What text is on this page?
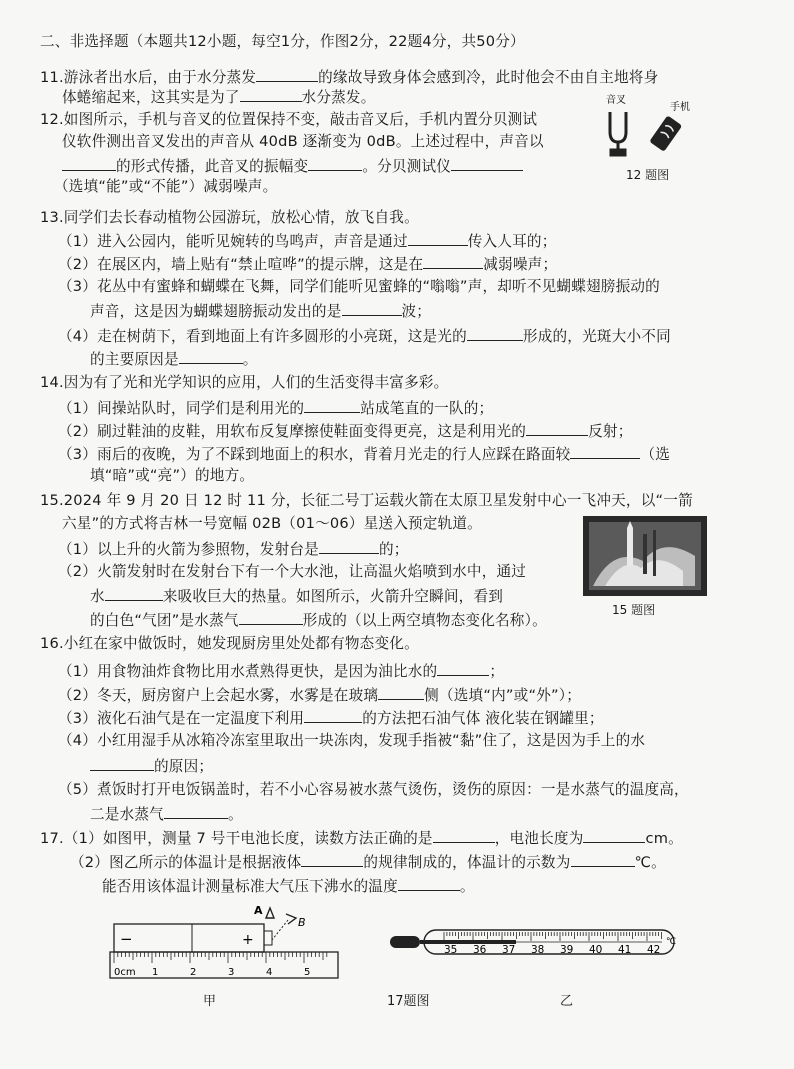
二、非选择题（本题共12小题，每空1分，作图2分，22题4分，共50分）
11.游泳者出水后，由于水分蒸发	的缘故导致身体会感到冷，此时他会不由自主地将身
体蜷缩起来，这其实是为了	水分蒸发。
12.如图所示，手机与音叉的位置保持不变，敲击音叉后，手机内置分贝测试
仪软件测出音叉发出的声音从 40dB 逐渐变为 0dB。上述过程中，声音以
的形式传播，此音叉的振幅变	。分贝测试仪
（选填“能”或“不能”）减弱噪声。
音叉
手机
12 题图
13.同学们去长春动植物公园游玩，放松心情，放飞自我。
（1）进入公园内，能听见婉转的鸟鸣声，声音是通过	传入人耳的；
（2）在展区内，墙上贴有“禁止喧哗”的提示牌，这是在	减弱噪声；
（3）花丛中有蜜蜂和蝴蝶在飞舞，同学们能听见蜜蜂的“嗡嗡”声，却听不见蝴蝶翅膀振动的
声音，这是因为蝴蝶翅膀振动发出的是	波；
（4）走在树荫下，看到地面上有许多圆形的小亮斑，这是光的	形成的，光斑大小不同
的主要原因是	。
14.因为有了光和光学知识的应用，人们的生活变得丰富多彩。
（1）间操站队时，同学们是利用光的	站成笔直的一队的；
（2）刷过鞋油的皮鞋，用软布反复摩擦使鞋面变得更亮，这是利用光的	反射；
（3）雨后的夜晚，为了不踩到地面上的积水，背着月光走的行人应踩在路面较	（选
填“暗”或“亮”）的地方。
15.2024 年 9 月 20 日 12 时 11 分，长征二号丁运载火箭在太原卫星发射中心一飞冲天，以“一箭
六星”的方式将吉林一号宽幅 02B（01～06）星送入预定轨道。
（1）以上升的火箭为参照物，发射台是	的；
（2）火箭发射时在发射台下有一个大水池，让高温火焰喷到水中，通过
水	来吸收巨大的热量。如图所示，火箭升空瞬间，看到
的白色“气团”是水蒸气	形成的（以上两空填物态变化名称）。
15 题图
16.小红在家中做饭时，她发现厨房里处处都有物态变化。
（1）用食物油炸食物比用水煮熟得更快，是因为油比水的	；
（2）冬天，厨房窗户上会起水雾，水雾是在玻璃	侧（选填“内”或“外”）；
（3）液化石油气是在一定温度下利用	的方法把石油气体 液化装在钢罐里；
（4）小红用湿手从冰箱冷冻室里取出一块冻肉，发现手指被“黏”住了，这是因为手上的水
的原因；
（5）煮饭时打开电饭锅盖时，若不小心容易被水蒸气烫伤，烫伤的原因：一是水蒸气的温度高，
二是水蒸气	。
17.（1）如图甲，测量 7 号干电池长度，读数方法正确的是	，电池长度为	cm。
（2）图乙所示的体温计是根据液体	的规律制成的，体温计的示数为	℃。
能否用该体温计测量标准大气压下沸水的温度	。
A
B
−	+
0cm 1	2	3	4	5
甲
35 36 37 38 39 40 41 42
℃
17题图	乙
